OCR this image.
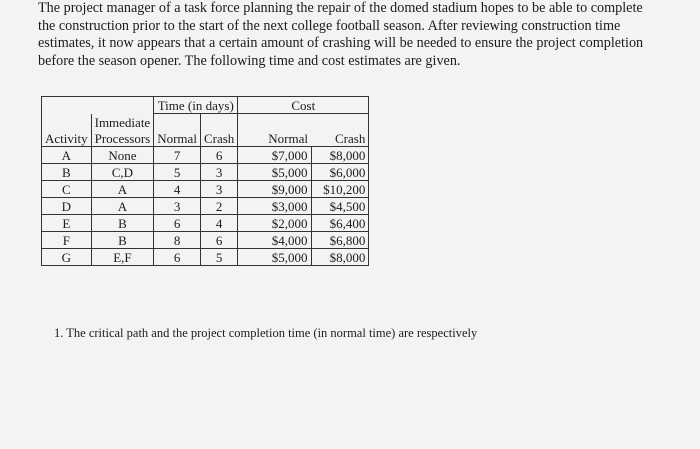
The project manager of a task force planning the repair of the domed stadium hopes to be able to complete

the construction prior to the start of the next college football season. After reviewing construction time

estimates, it now appears that a certain amount of crashing will be needed to ensure the project completion

before the season opener. The following time and cost estimates are given.

		Time (in days)		Cost	
	Immediate				
Activity	Processors	Normal	Crash	Normal	Crash
A	None	7	6	$7,000	$8,000
B	C,D	5	3	$5,000	$6,000
C	A	4	3	$9,000	$10,200
D	A	3	2	$3,000	$4,500
E	B	6	4	$2,000	$6,400
F	B	8	6	$4,000	$6,800
G	E,F	6	5	$5,000	$8,000
1. The critical path and the project completion time (in normal time) are respectively
